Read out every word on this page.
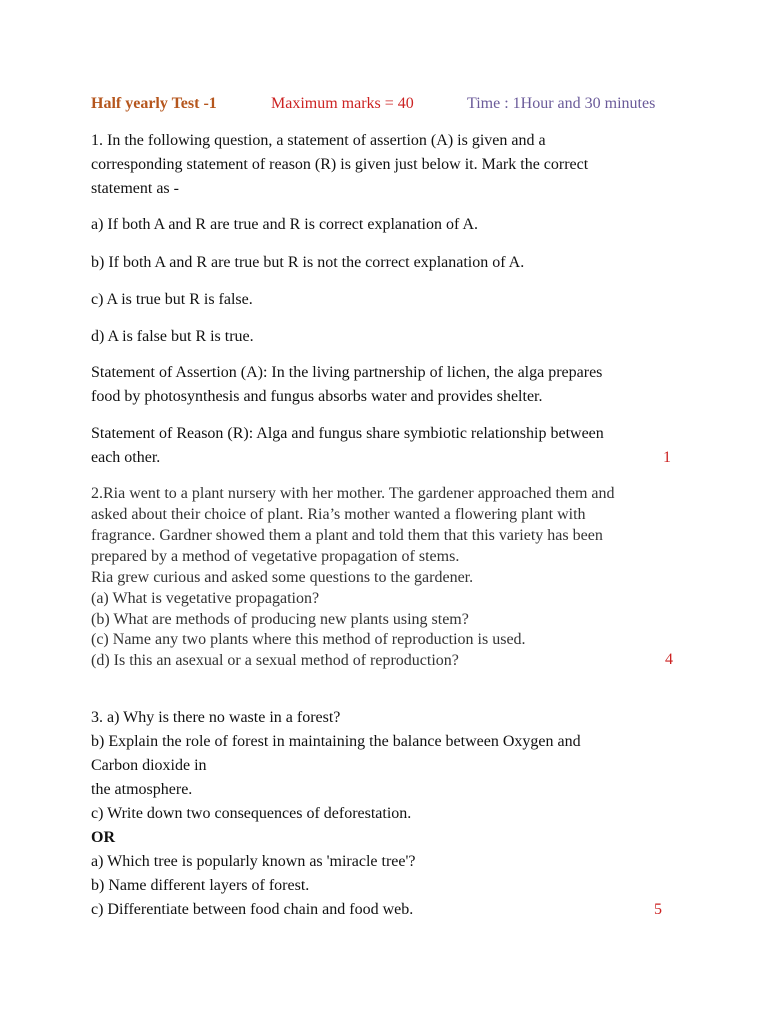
Half yearly Test -1	Maximum marks = 40	Time : 1Hour and 30 minutes
1. In the following question, a statement of assertion (A) is given and a
corresponding statement of reason (R) is given just below it. Mark the correct
statement as -
a) If both A and R are true and R is correct explanation of A.
b) If both A and R are true but R is not the correct explanation of A.
c) A is true but R is false.
d) A is false but R is true.
Statement of Assertion (A): In the living partnership of lichen, the alga prepares
food by photosynthesis and fungus absorbs water and provides shelter.
Statement of Reason (R): Alga and fungus share symbiotic relationship between
each other.	1
2.Ria went to a plant nursery with her mother. The gardener approached them and
asked about their choice of plant. Ria’s mother wanted a flowering plant with
fragrance. Gardner showed them a plant and told them that this variety has been
prepared by a method of vegetative propagation of stems.
Ria grew curious and asked some questions to the gardener.
(a) What is vegetative propagation?
(b) What are methods of producing new plants using stem?
(c) Name any two plants where this method of reproduction is used.
(d) Is this an asexual or a sexual method of reproduction?	4
3. a) Why is there no waste in a forest?
b) Explain the role of forest in maintaining the balance between Oxygen and
Carbon dioxide in
the atmosphere.
c) Write down two consequences of deforestation.
OR
a) Which tree is popularly known as 'miracle tree'?
b) Name different layers of forest.
c) Differentiate between food chain and food web.	5
